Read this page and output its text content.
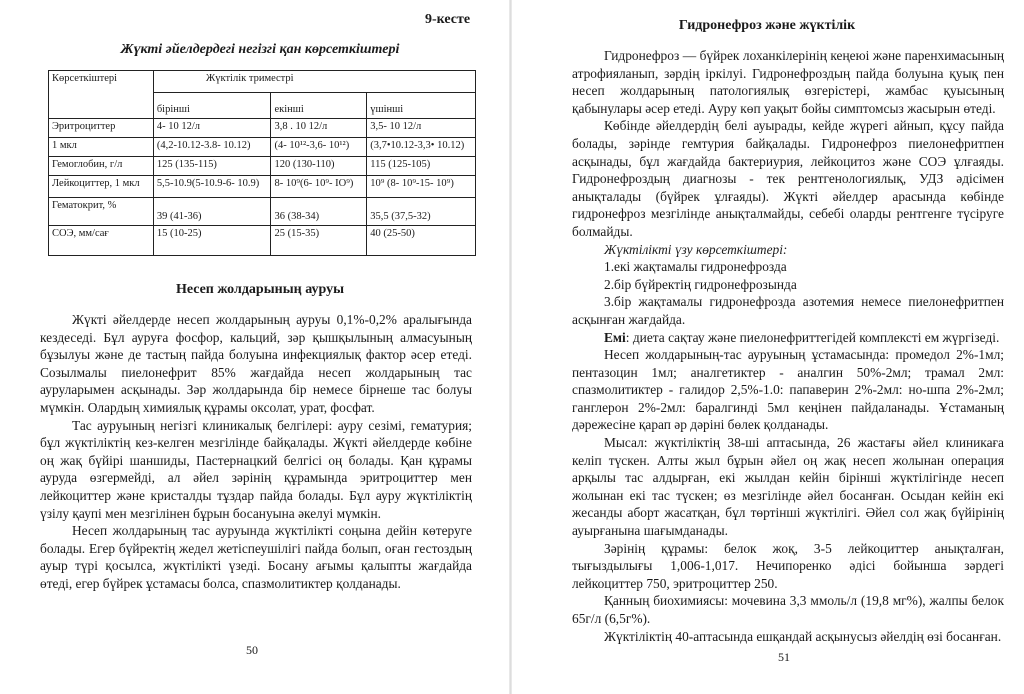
9-кесте
Жүкті әйелдердегі негізгі қан көрсеткіштері
Көрсеткіштері	Жүктілік триместрі		
	біріншi	екінші	үшінші
Эритроциттер	4- 10 12/л	3,8 . 10 12/л	3,5- 10 12/л
1 мкл	(4,2-10.12-3.8- 10.12)	(4- 10¹²-3,6- 10¹²)	(3,7•10.12-3,3• 10.12)
Гемоглобин, г/л	125 (135-115)	120 (130-110)	115 (125-105)
Лейкоциттер, 1 мкл	5,5-10.9(5-10.9-6- 10.9)	8- 10⁹(6- 10⁹- IO⁹)	10⁹ (8- 10⁹-15- 10⁹)
Гематокрит, %	39 (41-36)	36 (38-34)	35,5 (37,5-32)
СОЭ, мм/сағ	15 (10-25)	25 (15-35)	40 (25-50)
Несеп жолдарының ауруы

Жүкті әйелдерде несеп жолдарының ауруы 0,1%-0,2% аралығында кездеседі. Бұл ауруға фосфор, кальций, зәр қышқылының алмасуының бұзылуы және де тастың пайда болуына инфекциялық фактор әсер етеді. Созылмалы пиелонефрит 85% жағдайда несеп жолдарының тас ауруларымен асқынады. Зәр жолдарында бір немесе бірнеше тас болуы мүмкін. Олардың химиялық құрамы оксолат, урат, фосфат.

Тас ауруының негізгі клиникалық белгілері: ауру сезімі, гематурия; бұл жүктіліктің кез-келген мезгілінде байқалады. Жүкті әйелдерде көбіне оң жақ бүйірі шаншиды, Пастернацкий белгісі оң болады. Қан құрамы ауруда өзгермейді, ал әйел зәрінің құрамында эритроциттер мен лейкоциттер және кристалды тұздар пайда болады. Бұл ауру жүктіліктің үзілу қаупі мен мезгілінен бұрын босануына әкелуі мүмкін.

Несеп жолдарының тас ауруында жүктілікті соңына дейін көтеруге болады. Егер бүйректің жедел жетіспеушілігі пайда болып, оған гестоздың ауыр түрі қосылса, жүктілікті үзеді. Босану ағымы қалыпты жағдайда өтеді, егер бүйрек ұстамасы болса, спазмолитиктер қолданады.

50
Гидронефроз және жүктілік

Гидронефроз — бүйрек лоханкілерінің кеңеюі және паренхимасының атрофияланып, зәрдің іркілуі. Гидронефроздың пайда болуына қуық пен несеп жолдарының патологиялық өзгерістері, жамбас қуысының қабынулары әсер етеді. Ауру көп уақыт бойы симптомсыз жасырын өтеді.

Көбінде әйелдердің белі ауырады, кейде жүрегі айнып, құсу пайда болады, зәрінде гемтурия байқалады. Гидронефроз пиелонефритпен асқынады, бұл жағдайда бактериурия, лейкоцитоз және СОЭ ұлғаяды. Гидронефроздың диагнозы - тек рентгенологиялық, УДЗ әдісімен анықталады (бүйрек ұлғаяды). Жүкті әйелдер арасында көбінде гидронефроз мезгілінде анықталмайды, себебі оларды рентгенге түсіруге болмайды.

Жүктілікті үзу көрсеткіштері:

1.екі жақтамалы гидронефрозда

2.бір бүйректің гидронефрозында

3.бір жақтамалы гидронефрозда азотемия немесе пиелонефритпен асқынған жағдайда.

Емі: диета сақтау және пиелонефриттегідей комплексті ем жүргізеді.

Несеп жолдарының-тас ауруының ұстамасында: промедол 2%-1мл; пентазоцин 1мл; аналгетиктер - аналгин 50%-2мл; трамал 2мл: спазмолитиктер - галидор 2,5%-1.0: папаверин 2%-2мл: но-шпа 2%-2мл; ганглерон 2%-2мл: баралгинді 5мл кеңінен пайдаланады. Ұстаманың дәрежесіне қарап әр дәрінi бөлек қолданады.

Мысал: жүктіліктің 38-ші аптасында, 26 жастағы әйел клиникаға келіп түскен. Алты жыл бұрын әйел оң жақ несеп жолынан операция арқылы тас алдырған, екі жылдан кейін бірінші жүктілігінде несеп жолынан екі тас түскен; өз мезгілінде әйел босанған. Осыдан кейін екі жесанды аборт жасатқан, бұл төртінші жүктілігі. Әйел сол жақ бүйірінің ауырғанына шағымданады.

Зәрінің құрамы: белок жоқ, 3-5 лейкоциттер анықталған, тығыздылығы 1,006-1,017. Нечипоренко әдісі бойынша зәрдегі лейкоциттер 750, эритроциттер 250.

Қанның биохимиясы: мочевина 3,3 ммоль/л (19,8 мг%), жалпы белок 65г/л (6,5г%).

Жүктіліктің 40-аптасында ешқандай асқынусыз әйелдің өзі босанған.

51
